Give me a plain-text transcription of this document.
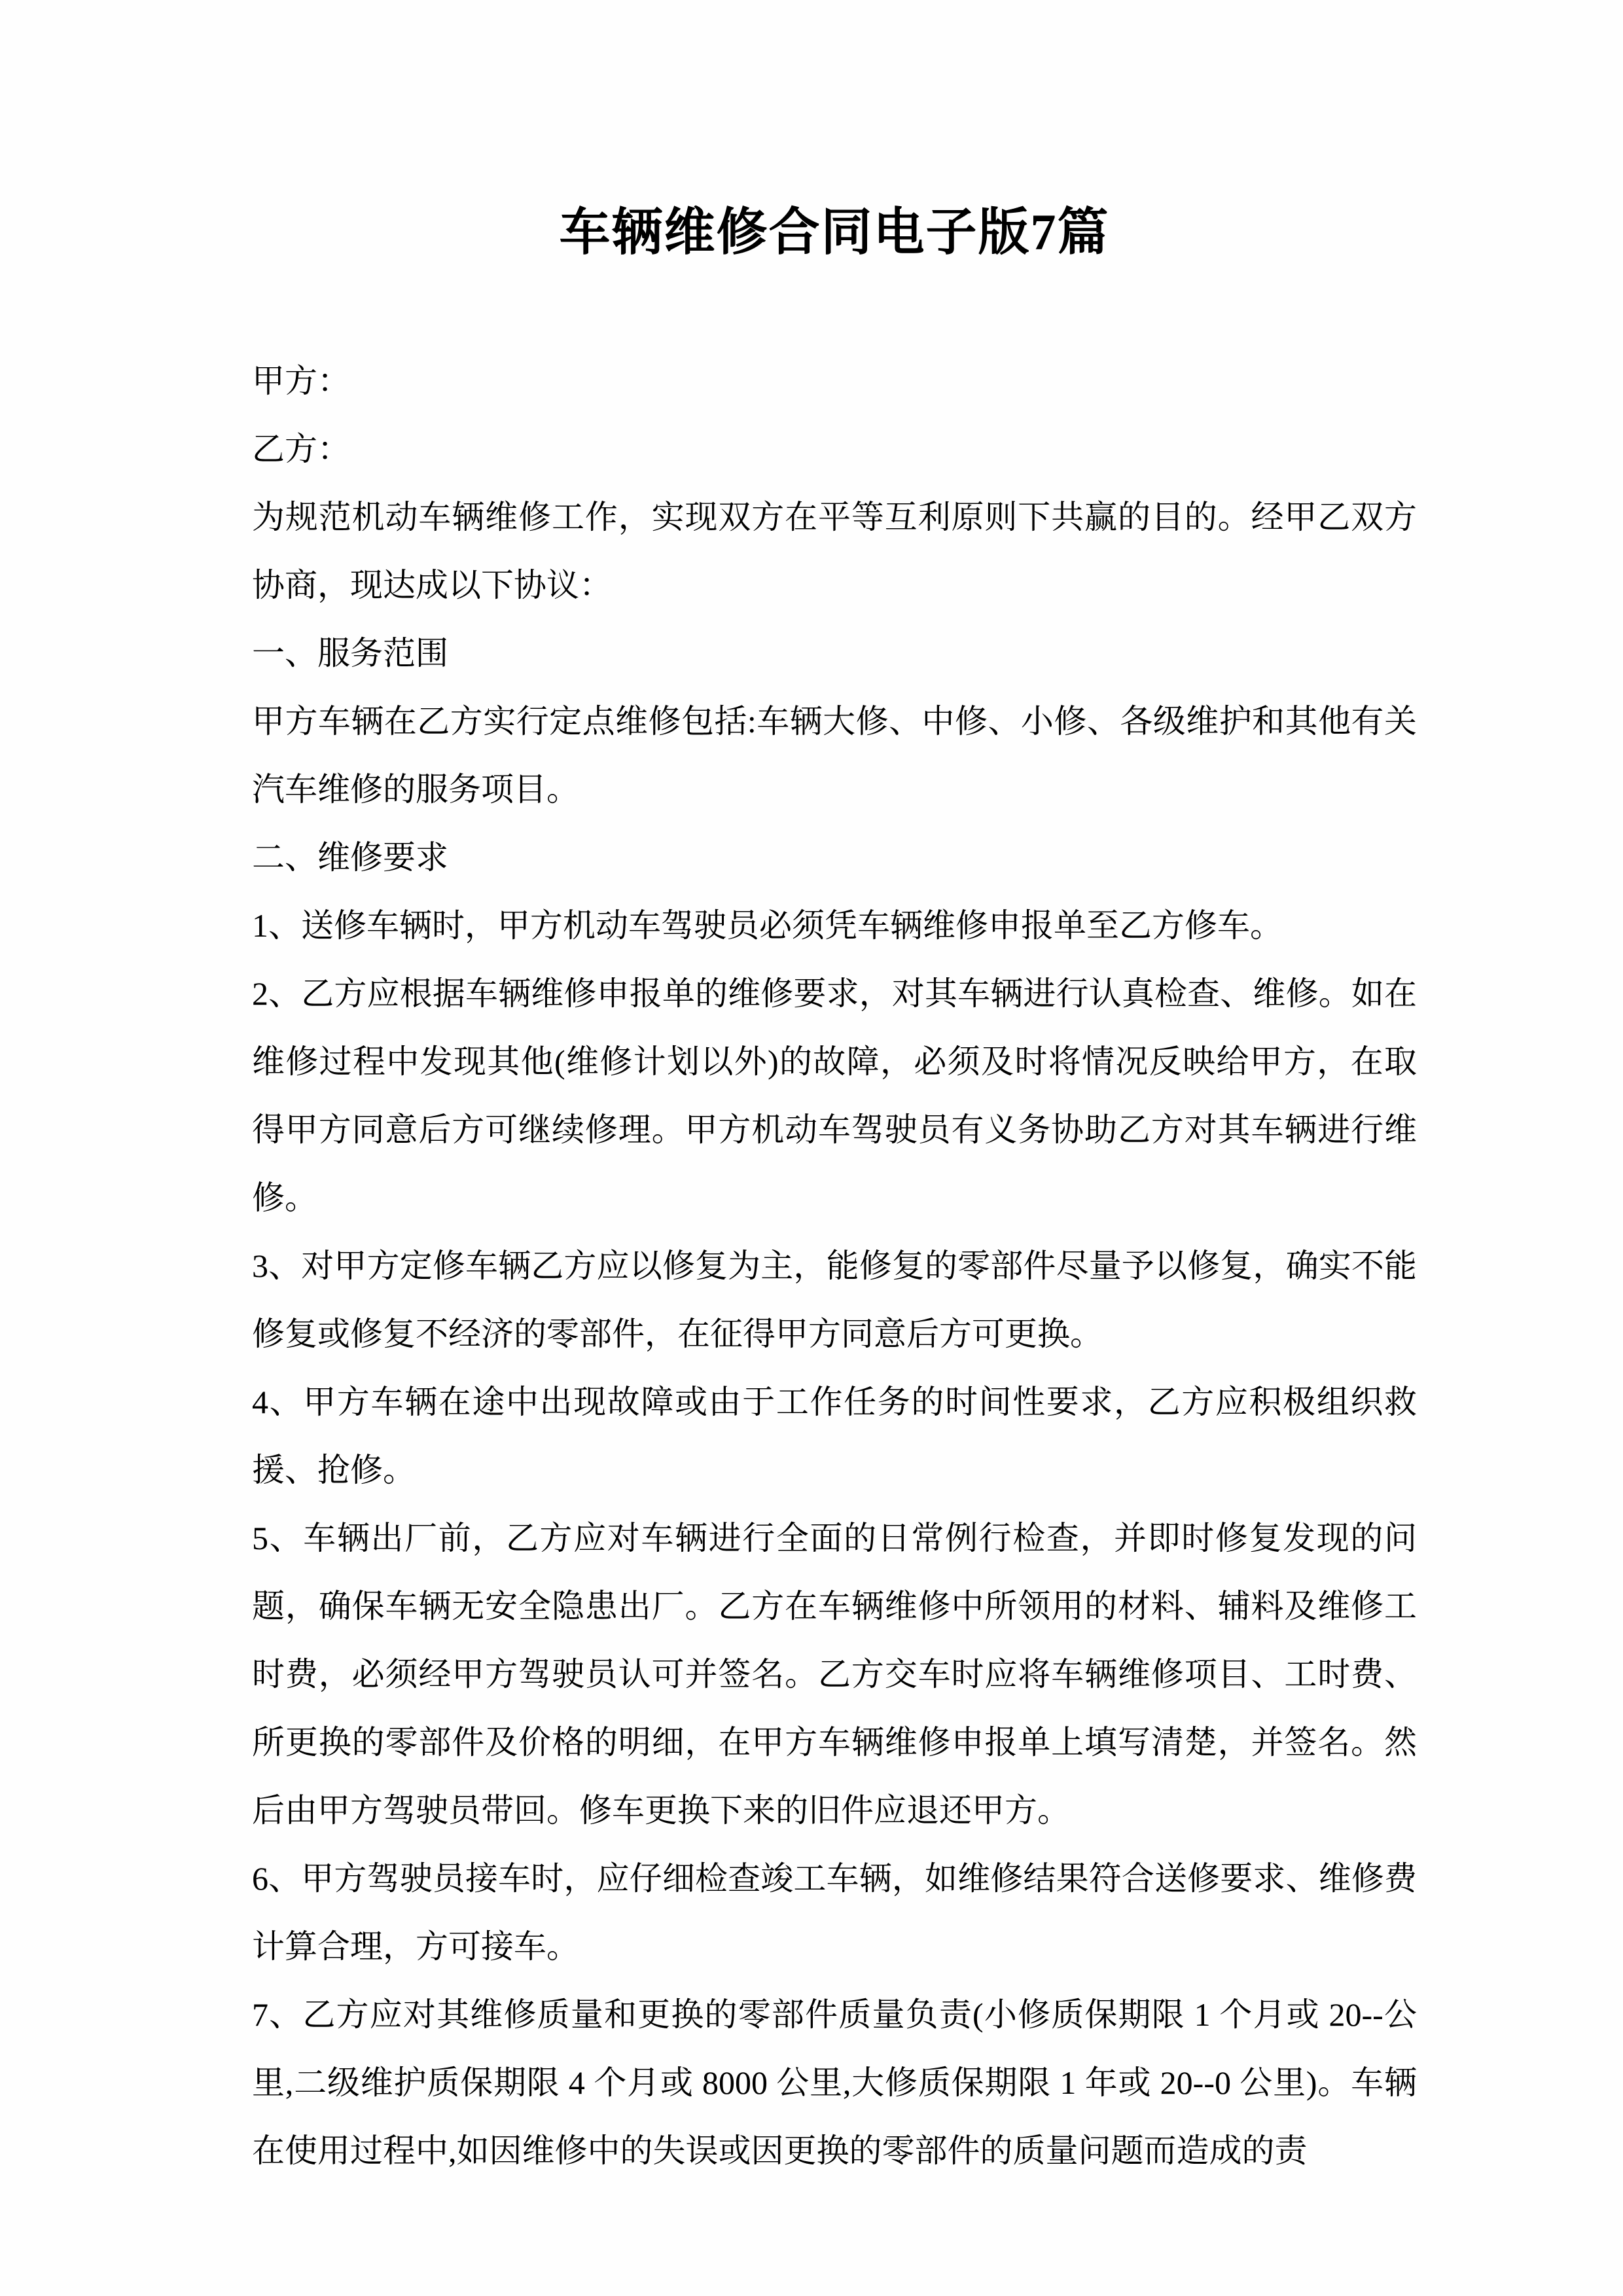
车辆维修合同电子版7篇

甲方：

乙方：

为规范机动车辆维修工作，实现双方在平等互利原则下共赢的目的。经甲乙双方协商，现达成以下协议：

一、服务范围

甲方车辆在乙方实行定点维修包括:车辆大修、中修、小修、各级维护和其他有关汽车维修的服务项目。

二、维修要求

1、送修车辆时，甲方机动车驾驶员必须凭车辆维修申报单至乙方修车。

2、乙方应根据车辆维修申报单的维修要求，对其车辆进行认真检查、维修。如在维修过程中发现其他(维修计划以外)的故障，必须及时将情况反映给甲方，在取得甲方同意后方可继续修理。甲方机动车驾驶员有义务协助乙方对其车辆进行维修。

3、对甲方定修车辆乙方应以修复为主，能修复的零部件尽量予以修复，确实不能修复或修复不经济的零部件，在征得甲方同意后方可更换。

4、甲方车辆在途中出现故障或由于工作任务的时间性要求，乙方应积极组织救援、抢修。

5、车辆出厂前，乙方应对车辆进行全面的日常例行检查，并即时修复发现的问题，确保车辆无安全隐患出厂。乙方在车辆维修中所领用的材料、辅料及维修工时费，必须经甲方驾驶员认可并签名。乙方交车时应将车辆维修项目、工时费、所更换的零部件及价格的明细，在甲方车辆维修申报单上填写清楚，并签名。然后由甲方驾驶员带回。修车更换下来的旧件应退还甲方。

6、甲方驾驶员接车时，应仔细检查竣工车辆，如维修结果符合送修要求、维修费计算合理，方可接车。

7、乙方应对其维修质量和更换的零部件质量负责(小修质保期限 1 个月或 20--公里,二级维护质保期限 4 个月或 8000 公里,大修质保期限 1 年或 20--0 公里)。车辆在使用过程中,如因维修中的失误或因更换的零部件的质量问题而造成的责
